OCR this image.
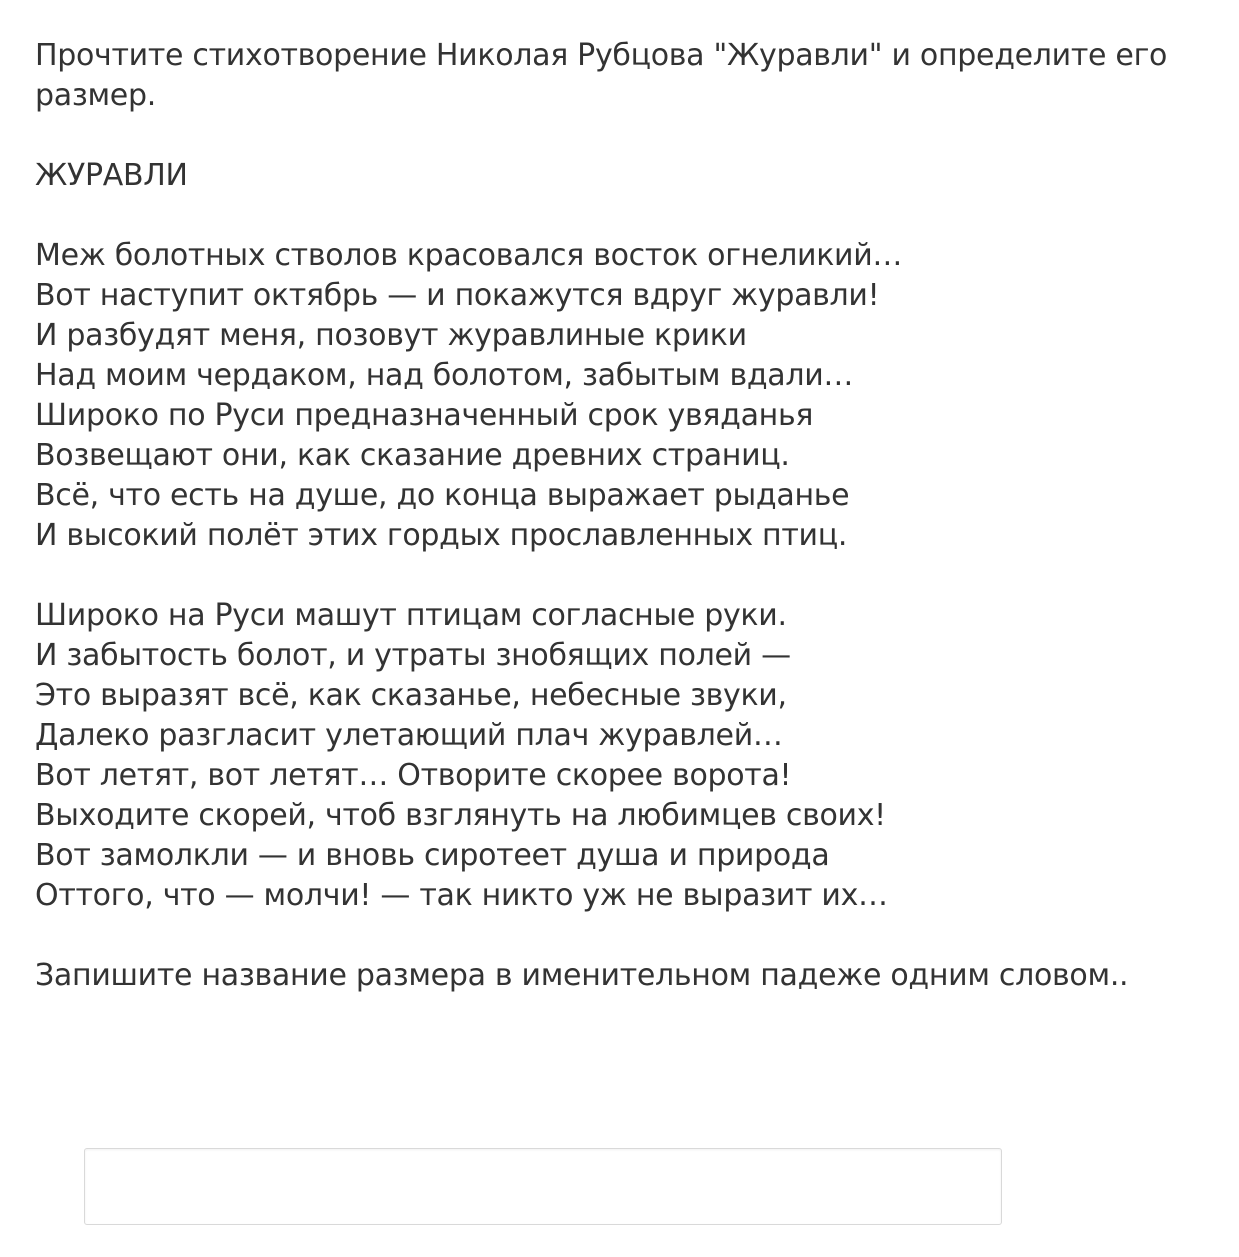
Прочтите стихотворение Николая Рубцова "Журавли" и определите его
размер.
ЖУРАВЛИ
Меж болотных стволов красовался восток огнеликий…
Вот наступит октябрь — и покажутся вдруг журавли!
И разбудят меня, позовут журавлиные крики
Над моим чердаком, над болотом, забытым вдали…
Широко по Руси предназначенный срок увяданья
Возвещают они, как сказание древних страниц.
Всё, что есть на душе, до конца выражает рыданье
И высокий полёт этих гордых прославленных птиц.
Широко на Руси машут птицам согласные руки.
И забытость болот, и утраты знобящих полей —
Это выразят всё, как сказанье, небесные звуки,
Далеко разгласит улетающий плач журавлей…
Вот летят, вот летят… Отворите скорее ворота!
Выходите скорей, чтоб взглянуть на любимцев своих!
Вот замолкли — и вновь сиротеет душа и природа
Оттого, что — молчи! — так никто уж не выразит их…
Запишите название размера в именительном падеже одним словом..
